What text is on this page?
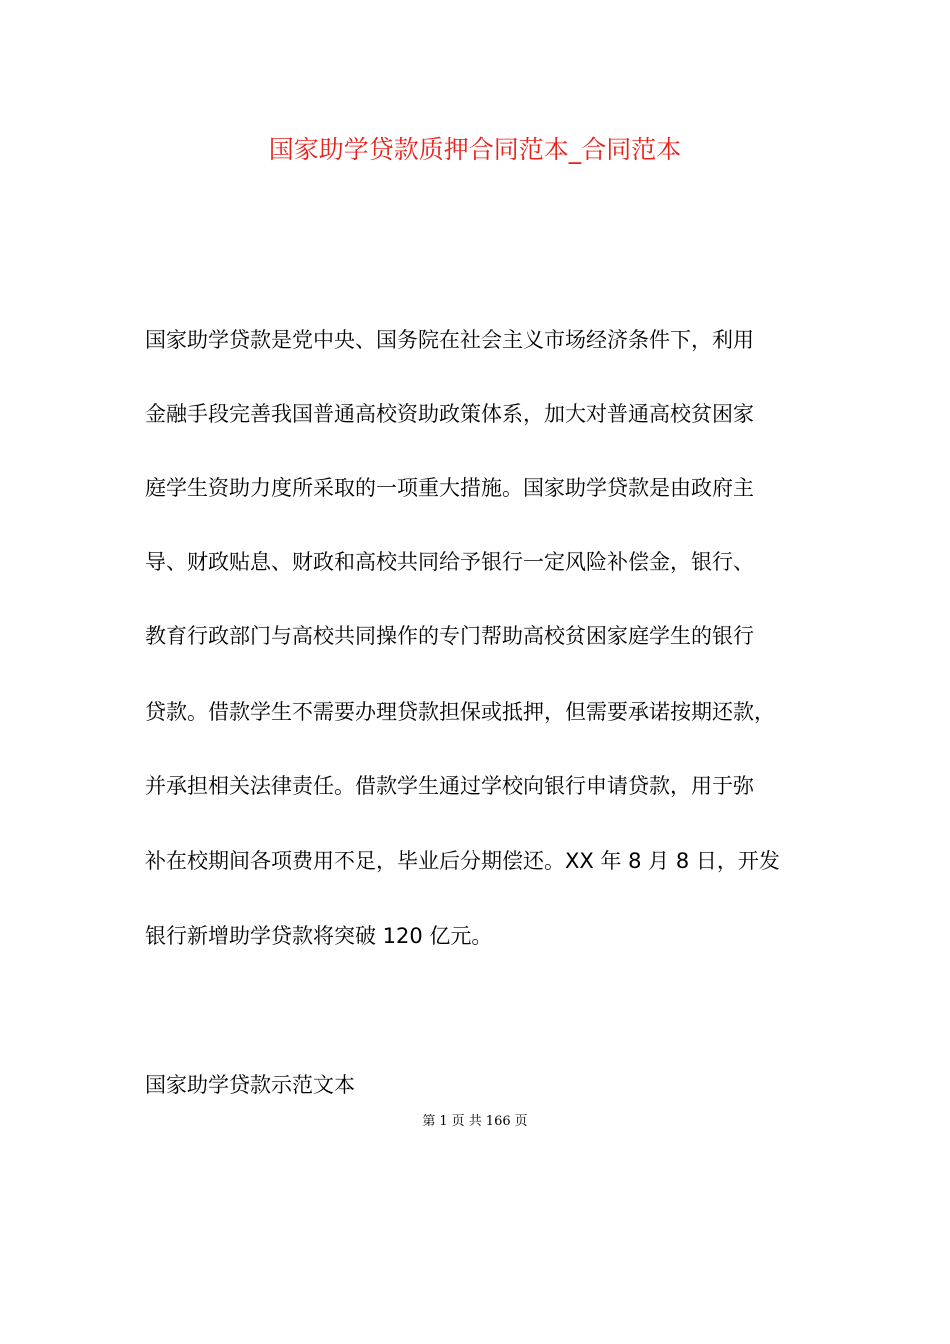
国家助学贷款质押合同范本_合同范本
国家助学贷款是党中央、国务院在社会主义市场经济条件下，利用
金融手段完善我国普通高校资助政策体系，加大对普通高校贫困家
庭学生资助力度所采取的一项重大措施。国家助学贷款是由政府主
导、财政贴息、财政和高校共同给予银行一定风险补偿金，银行、
教育行政部门与高校共同操作的专门帮助高校贫困家庭学生的银行
贷款。借款学生不需要办理贷款担保或抵押，但需要承诺按期还款，
并承担相关法律责任。借款学生通过学校向银行申请贷款，用于弥
补在校期间各项费用不足，毕业后分期偿还。XX 年 8 月 8 日，开发
银行新增助学贷款将突破 120 亿元。
国家助学贷款示范文本
第 1 页 共 166 页
